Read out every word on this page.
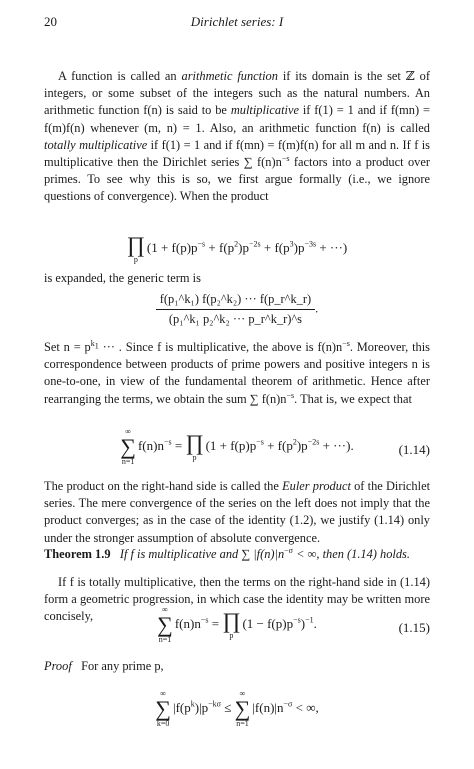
20	Dirichlet series: I
A function is called an arithmetic function if its domain is the set ℤ of integers, or some subset of the integers such as the natural numbers. An arithmetic function f(n) is said to be multiplicative if f(1) = 1 and if f(mn) = f(m)f(n) whenever (m, n) = 1. Also, an arithmetic function f(n) is called totally multiplicative if f(1) = 1 and if f(mn) = f(m)f(n) for all m and n. If f is multiplicative then the Dirichlet series ∑ $f(n)n^{-s}$ factors into a product over primes. To see why this is so, we first argue formally (i.e., we ignore questions of convergence). When the product
∏
p
($1 + f(p)p^{-s} + f(p^2)p^{-2s} + f(p^3)p^{-3s}$ + ···)
is expanded, the generic term is
$\frac{\text{f(p₁\textasciicircum{}k₁) f(p₂\textasciicircum{}k₂) ··· f(p\_r\textasciicircum{}k\_r)}}{\text{(p₁\textasciicircum{}k₁ p₂\textasciicircum{}k₂ ··· p\_r\textasciicircum{}k\_r)\textasciicircum{}s}}$ .
Set $n = p^{k_1}$ ··· . Since f is multiplicative, the above is $f(n)n^{-s}$. Moreover, this correspondence between products of prime powers and positive integers n is one-to-one, in view of the fundamental theorem of arithmetic. Hence after rearranging the terms, we obtain the sum ∑ $f(n)n^{-s}$. That is, we expect that
∞
∑
n=1
$f(n)n^{-s}$ = ∏
p
($1 + f(p)p^{-s} + f(p^2)p^{-2s}$ + ···).	(1.14)
The product on the right-hand side is called the Euler product of the Dirichlet series. The mere convergence of the series on the left does not imply that the product converges; as in the case of the identity (1.2), we justify (1.14) only under the stronger assumption of absolute convergence.
Theorem 1.9 If f is multiplicative and ∑ $|f(n)|n^{-\sigma}$ < ∞, then (1.14) holds.
If f is totally multiplicative, then the terms on the right-hand side in (1.14) form a geometric progression, in which case the identity may be written more concisely,	∞
∑
n=1
$f(n)n^{-s}$ = ∏
p
$(1 - f(p)p^{-s})^{-1}$.	(1.15)
Proof For any prime p,
∞
∑
k=0
$|f(p^k)|p^{-k\sigma}$ ≤
∞
∑
n=1
$|f(n)|n^{-\sigma}$ < ∞,
